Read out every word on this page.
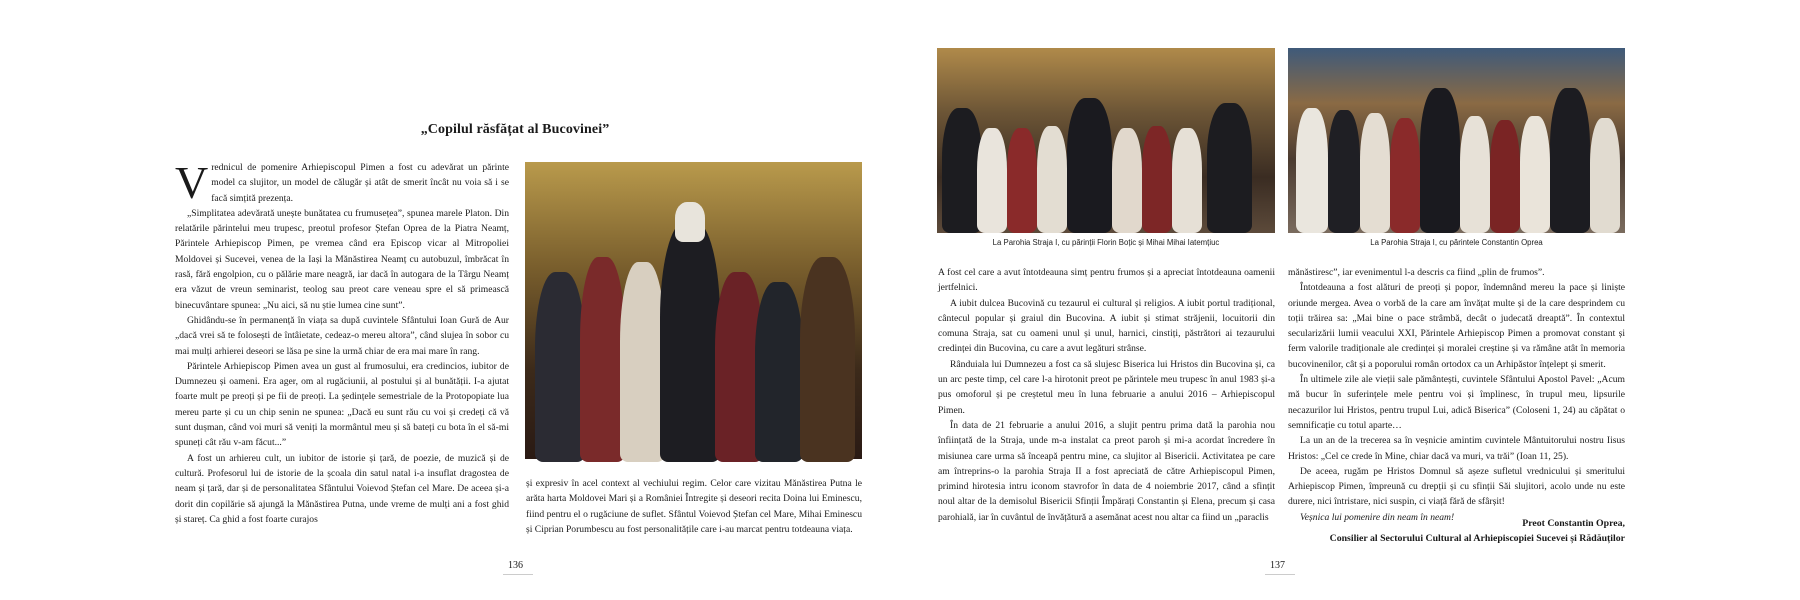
„Copilul răsfățat al Bucovinei”

Vrednicul de pomenire Arhiepiscopul Pimen a fost cu adevărat un părinte model ca slujitor, un model de călugăr și atât de smerit încât nu voia să i se facă simțită prezența.

„Simplitatea adevărată unește bunătatea cu frumusețea”, spunea marele Platon. Din relatările părintelui meu trupesc, preotul profesor Ștefan Oprea de la Piatra Neamț, Părintele Arhiepiscop Pimen, pe vremea când era Episcop vicar al Mitropoliei Moldovei și Sucevei, venea de la Iași la Mănăstirea Neamț cu autobuzul, îmbrăcat în rasă, fără engolpion, cu o pălărie mare neagră, iar dacă în autogara de la Târgu Neamț era văzut de vreun seminarist, teolog sau preot care veneau spre el să primească binecuvântare spunea: „Nu aici, să nu știe lumea cine sunt”.

Ghidându-se în permanență în viața sa după cuvintele Sfântului Ioan Gură de Aur „dacă vrei să te folosești de întâietate, cedeaz-o mereu altora”, când slujea în sobor cu mai mulți arhierei deseori se lăsa pe sine la urmă chiar de era mai mare în rang.

Părintele Arhiepiscop Pimen avea un gust al frumosului, era credincios, iubitor de Dumnezeu și oameni. Era ager, om al rugăciunii, al postului și al bunătății. I-a ajutat foarte mult pe preoți și pe fii de preoți. La ședințele semestriale de la Protopopiate lua mereu parte și cu un chip senin ne spunea: „Dacă eu sunt rău cu voi și credeți că vă sunt dușman, când voi muri să veniți la mormântul meu și să bateți cu bota în el să-mi spuneți cât rău v-am făcut...”

A fost un arhiereu cult, un iubitor de istorie și țară, de poezie, de muzică și de cultură. Profesorul lui de istorie de la școala din satul natal i-a insuflat dragostea de neam și țară, dar și de personalitatea Sfântului Voievod Ștefan cel Mare. De aceea și-a dorit din copilărie să ajungă la Mănăstirea Putna, unde vreme de mulți ani a fost ghid și stareț. Ca ghid a fost foarte curajos

și expresiv în acel context al vechiului regim. Celor care vizitau Mănăstirea Putna le arăta harta Moldovei Mari și a României Întregite și deseori recita Doina lui Eminescu, fiind pentru el o rugăciune de suflet. Sfântul Voievod Ștefan cel Mare, Mihai Eminescu și Ciprian Porumbescu au fost personalitățile care i-au marcat pentru totdeauna viața.

136
La Parohia Straja I, cu părinții Florin Boțic și Mihai Mihai Iatemțiuc	La Parohia Straja I, cu părintele Constantin Oprea

A fost cel care a avut întotdeauna simț pentru frumos și a apreciat întotdeauna oamenii jertfelnici.

A iubit dulcea Bucovină cu tezaurul ei cultural și religios. A iubit portul tradițional, cântecul popular și graiul din Bucovina. A iubit și stimat străjenii, locuitorii din comuna Straja, sat cu oameni unul și unul, harnici, cinstiți, păstrători ai tezaurului credinței din Bucovina, cu care a avut legături strânse.

Rânduiala lui Dumnezeu a fost ca să slujesc Biserica lui Hristos din Bucovina și, ca un arc peste timp, cel care l-a hirotonit preot pe părintele meu trupesc în anul 1983 și-a pus omoforul și pe creștetul meu în luna februarie a anului 2016 – Arhiepiscopul Pimen.

În data de 21 februarie a anului 2016, a slujit pentru prima dată la parohia nou înființată de la Straja, unde m-a instalat ca preot paroh și mi-a acordat încredere în misiunea care urma să înceapă pentru mine, ca slujitor al Bisericii. Activitatea pe care am întreprins-o la parohia Straja II a fost apreciată de către Arhiepiscopul Pimen, primind hirotesia intru iconom stavrofor în data de 4 noiembrie 2017, când a sfințit noul altar de la demisolul Bisericii Sfinții Împărați Constantin și Elena, precum și casa parohială, iar în cuvântul de învățătură a asemănat acest nou altar ca fiind un „paraclis

mănăstiresc”, iar evenimentul l-a descris ca fiind „plin de frumos”.

Întotdeauna a fost alături de preoți și popor, îndemnând mereu la pace și liniște oriunde mergea. Avea o vorbă de la care am învățat multe și de la care desprindem cu toții trăirea sa: „Mai bine o pace strâmbă, decât o judecată dreaptă”. În contextul secularizării lumii veacului XXI, Părintele Arhiepiscop Pimen a promovat constant și ferm valorile tradiționale ale credinței și moralei creștine și va rămâne atât în memoria bucovinenilor, cât și a poporului român ortodox ca un Arhipăstor înțelept și smerit.

În ultimele zile ale vieții sale pământești, cuvintele Sfântului Apostol Pavel: „Acum mă bucur în suferințele mele pentru voi și împlinesc, în trupul meu, lipsurile necazurilor lui Hristos, pentru trupul Lui, adică Biserica” (Coloseni 1, 24) au căpătat o semnificație cu totul aparte…

La un an de la trecerea sa în veșnicie amintim cuvintele Mântuitorului nostru Iisus Hristos: „Cel ce crede în Mine, chiar dacă va muri, va trăi” (Ioan 11, 25).

De aceea, rugăm pe Hristos Domnul să așeze sufletul vrednicului și smeritului Arhiepiscop Pimen, împreună cu drepții și cu sfinții Săi slujitori, acolo unde nu este durere, nici întristare, nici suspin, ci viață fără de sfârșit!

Veșnica lui pomenire din neam în neam!

Preot Constantin Oprea,
Consilier al Sectorului Cultural al Arhiepiscopiei Sucevei și Rădăuților
137
